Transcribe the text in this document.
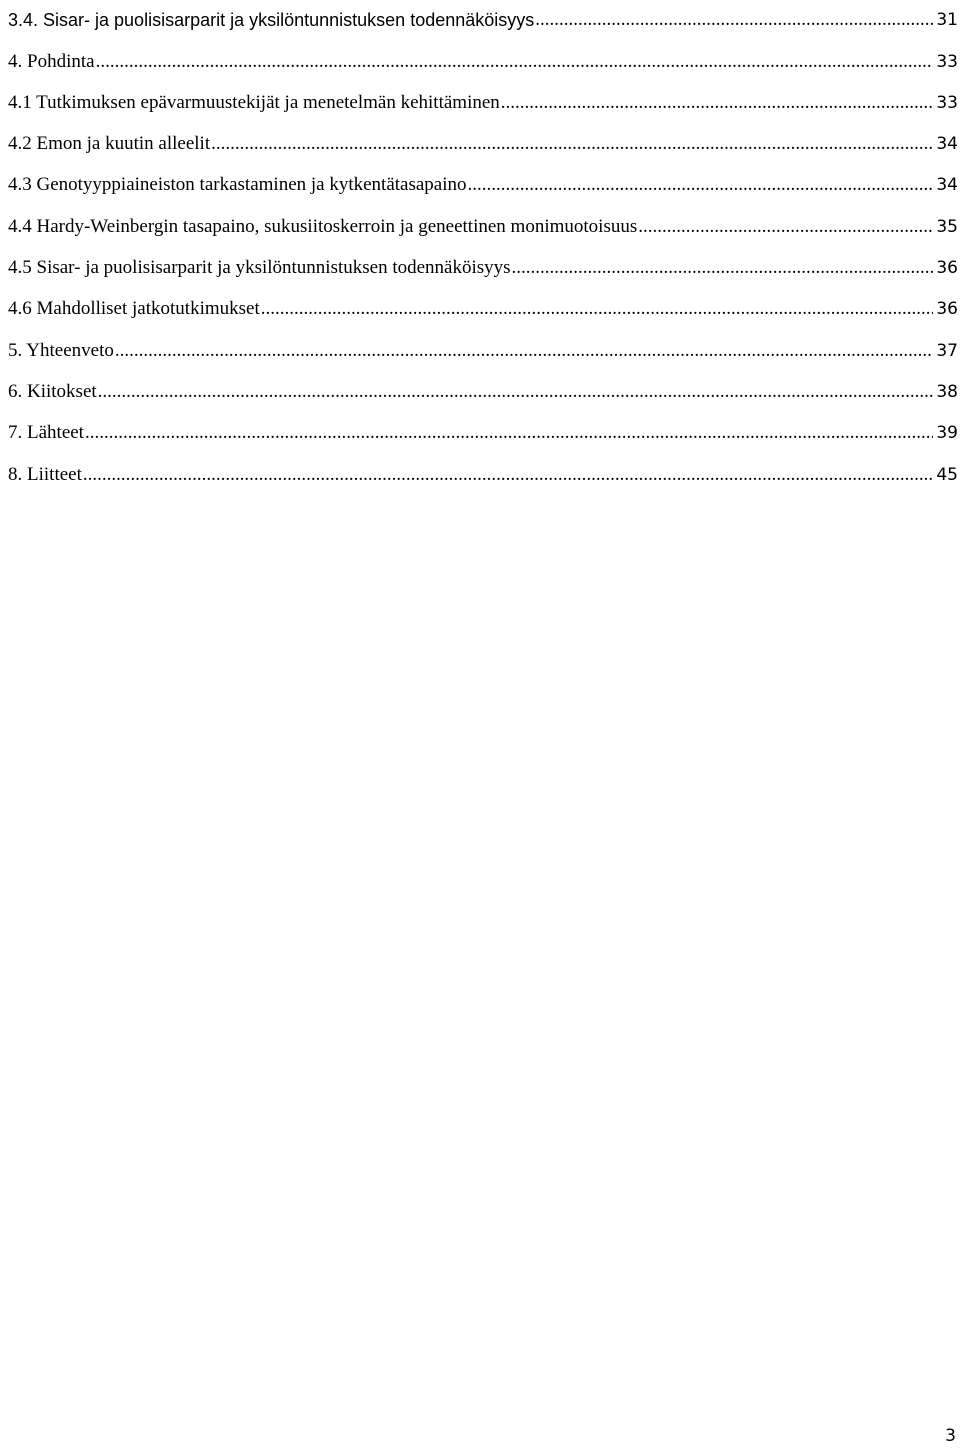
3.4. Sisar- ja puolisisarparit ja yksilöntunnistuksen todennäköisyys .....	31
4. Pohdinta .....	33
4.1 Tutkimuksen epävarmuustekijät ja menetelmän kehittäminen .....	33
4.2 Emon ja kuutin alleelit .....	34
4.3 Genotyyppiaineiston tarkastaminen ja kytkentätasapaino .....	34
4.4 Hardy-Weinbergin tasapaino, sukusiitoskerroin ja geneettinen monimuotoisuus .....	35
4.5 Sisar- ja puolisisarparit ja yksilöntunnistuksen todennäköisyys .....	36
4.6 Mahdolliset jatkotutkimukset .....	36
5. Yhteenveto .....	37
6. Kiitokset .....	38
7. Lähteet .....	39
8. Liitteet .....	45
3
